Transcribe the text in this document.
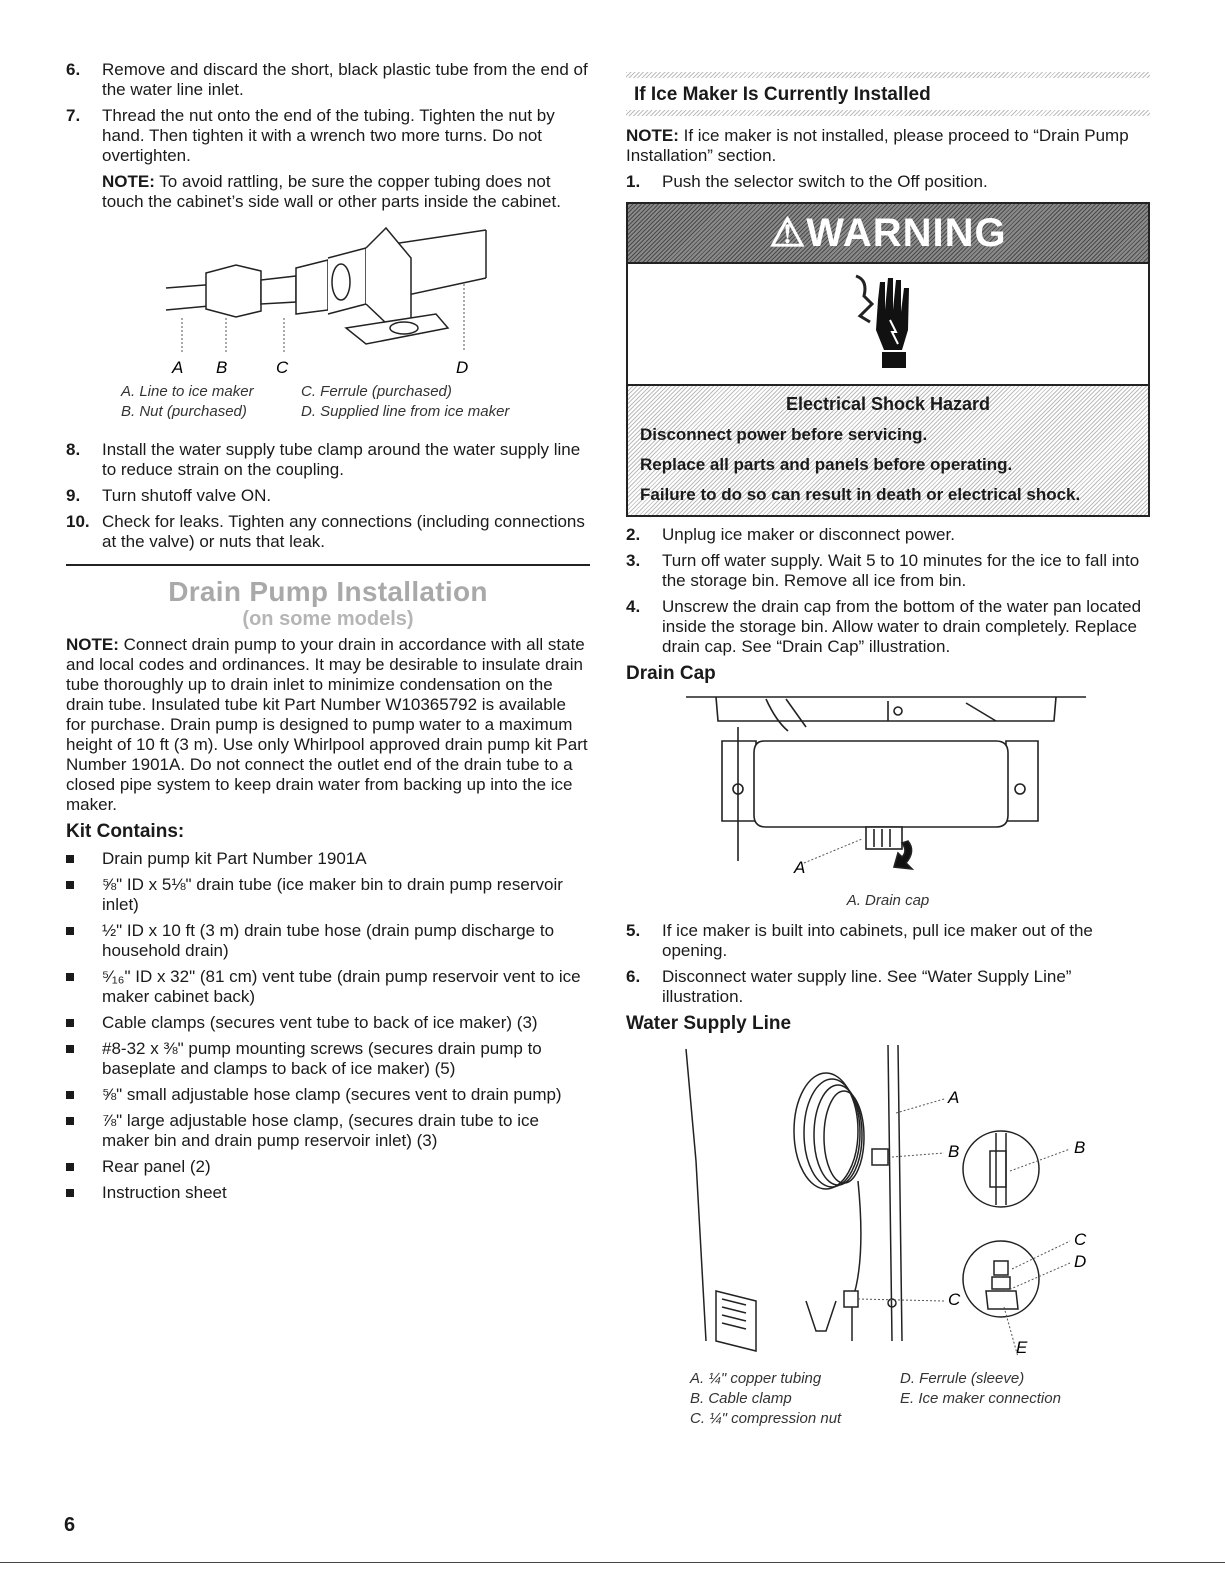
6. Remove and discard the short, black plastic tube from the end of the water line inlet.
7. Thread the nut onto the end of the tubing. Tighten the nut by hand. Then tighten it with a wrench two more turns. Do not overtighten.

NOTE: To avoid rattling, be sure the copper tubing does not touch the cabinet’s side wall or other parts inside the cabinet.

A B	C	D
A. Line to ice maker	C. Ferrule (purchased)
B. Nut (purchased)	D. Supplied line from ice maker
8. Install the water supply tube clamp around the water supply line to reduce strain on the coupling.
9. Turn shutoff valve ON.
10. Check for leaks. Tighten any connections (including connections at the valve) or nuts that leak.
Drain Pump Installation
(on some models)

NOTE: Connect drain pump to your drain in accordance with all state and local codes and ordinances. It may be desirable to insulate drain tube thoroughly up to drain inlet to minimize condensation on the drain tube. Insulated tube kit Part Number W10365792 is available for purchase. Drain pump is designed to pump water to a maximum height of 10 ft (3 m). Use only Whirlpool approved drain pump kit Part Number 1901A. Do not connect the outlet end of the drain tube to a closed pipe system to keep drain water from backing up into the ice maker.

Kit Contains:
Drain pump kit Part Number 1901A
⅝" ID x 5⅛" drain tube (ice maker bin to drain pump reservoir inlet)
½" ID x 10 ft (3 m) drain tube hose (drain pump discharge to household drain)
⁵⁄₁₆" ID x 32" (81 cm) vent tube (drain pump reservoir vent to ice maker cabinet back)
Cable clamps (secures vent tube to back of ice maker) (3)
#8-32 x ⅜" pump mounting screws (secures drain pump to baseplate and clamps to back of ice maker) (5)
⅝" small adjustable hose clamp (secures vent to drain pump)
⅞" large adjustable hose clamp, (secures drain tube to ice maker bin and drain pump reservoir inlet) (3)
Rear panel (2)
Instruction sheet
If Ice Maker Is Currently Installed

NOTE: If ice maker is not installed, please proceed to “Drain Pump Installation” section.

1. Push the selector switch to the Off position.
⚠WARNING
Electrical Shock Hazard
Disconnect power before servicing.
Replace all parts and panels before operating.
Failure to do so can result in death or electrical shock.
2. Unplug ice maker or disconnect power.
3. Turn off water supply. Wait 5 to 10 minutes for the ice to fall into the storage bin. Remove all ice from bin.
4. Unscrew the drain cap from the bottom of the water pan located inside the storage bin. Allow water to drain completely. Replace drain cap. See “Drain Cap” illustration.
Drain Cap
A
A. Drain cap
5. If ice maker is built into cabinets, pull ice maker out of the opening.
6. Disconnect water supply line. See “Water Supply Line” illustration.
Water Supply Line
A
B	B
C
C
D
E
A. ¼" copper tubing	D. Ferrule (sleeve)
B. Cable clamp	E. Ice maker connection
C. ¼" compression nut
6
